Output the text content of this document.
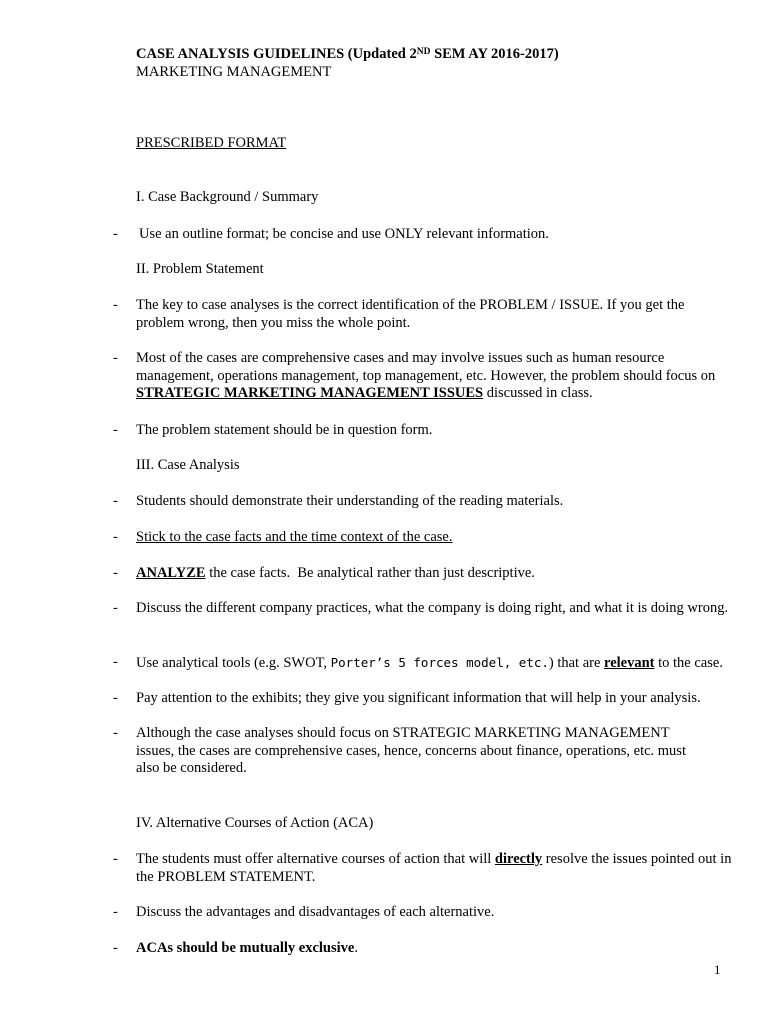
CASE ANALYSIS GUIDELINES (Updated 2ND SEM AY 2016-2017)
MARKETING MANAGEMENT
PRESCRIBED FORMAT
I. Case Background / Summary
- Use an outline format; be concise and use ONLY relevant information.
II. Problem Statement
- The key to case analyses is the correct identification of the PROBLEM / ISSUE. If you get the problem wrong, then you miss the whole point.
- Most of the cases are comprehensive cases and may involve issues such as human resource management, operations management, top management, etc. However, the problem should focus on STRATEGIC MARKETING MANAGEMENT ISSUES discussed in class.
- The problem statement should be in question form.
III. Case Analysis
- Students should demonstrate their understanding of the reading materials.
- Stick to the case facts and the time context of the case.
- ANALYZE the case facts.  Be analytical rather than just descriptive.
- Discuss the different company practices, what the company is doing right, and what it is doing wrong.
- Use analytical tools (e.g. SWOT, Porter’s 5 forces model, etc.) that are relevant to the case.
- Pay attention to the exhibits; they give you significant information that will help in your analysis.
- Although the case analyses should focus on STRATEGIC MARKETING MANAGEMENT issues, the cases are comprehensive cases, hence, concerns about finance, operations, etc. must also be considered.
IV. Alternative Courses of Action (ACA)
- The students must offer alternative courses of action that will directly resolve the issues pointed out in the PROBLEM STATEMENT.
- Discuss the advantages and disadvantages of each alternative.
- ACAs should be mutually exclusive.
1
